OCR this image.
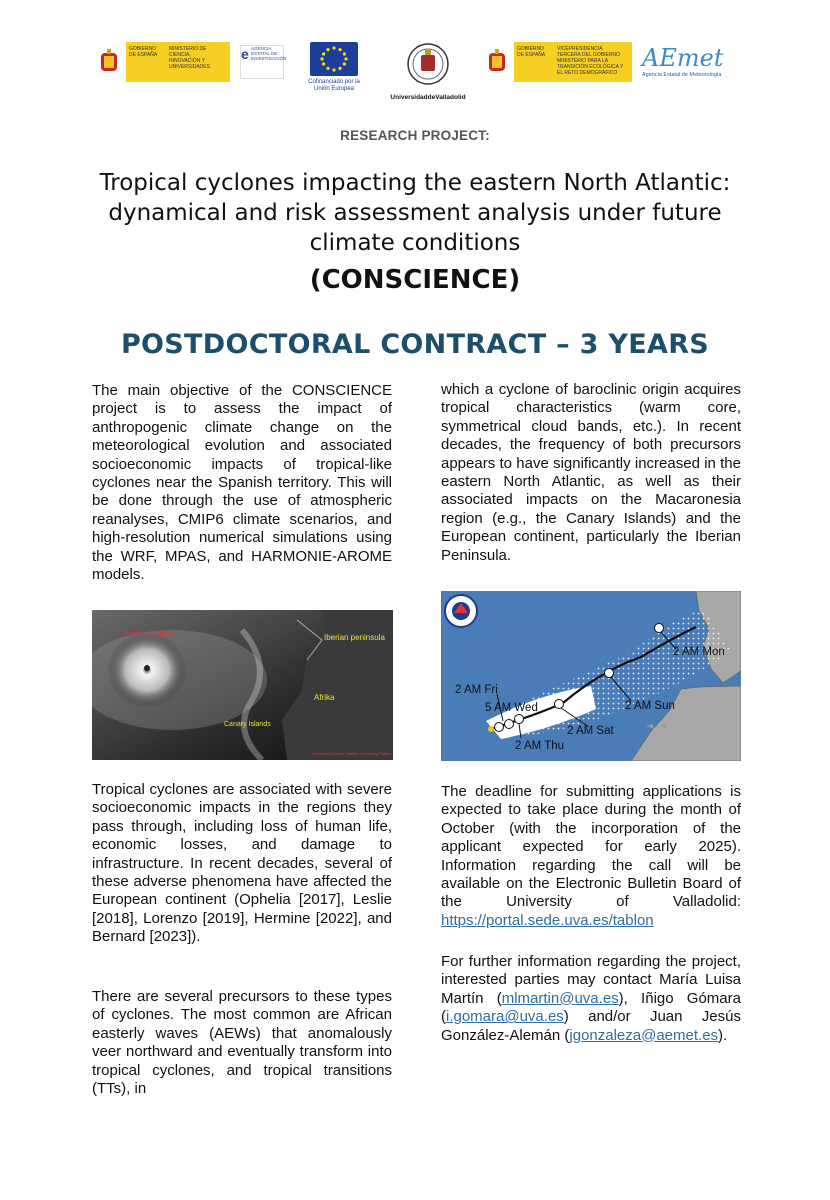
GOBIERNO DE ESPAÑA
MINISTERIO DE CIENCIA, INNOVACIÓN Y UNIVERSIDADES
e AGENCIA ESTATAL DE INVESTIGACIÓN
Cofinanciado por la Unión Europea
UniversidaddeValladolid
GOBIERNO DE ESPAÑA
VICEPRESIDENCIA TERCERA DEL GOBIERNO MINISTERIO PARA LA TRANSICIÓN ECOLÓGICA Y EL RETO DEMOGRÁFICO
AEmet
Agencia Estatal de Meteorología
RESEARCH PROJECT:
Tropical cyclones impacting the eastern North Atlantic: dynamical and risk assessment analysis under future climate conditions
(CONSCIENCE)
POSTDOCTORAL CONTRACT – 3 YEARS
The main objective of the CONSCIENCE project is to assess the impact of anthropogenic climate change on the meteorological evolution and associated socioeconomic impacts of tropical-like cyclones near the Spanish territory. This will be done through the use of atmospheric reanalyses, CMIP6 climate scenarios, and high-resolution numerical simulations using the WRF, MPAS, and HARMONIE-AROME models.
Hurricane Ophelia	Iberian peninsula
Afrika
Canary Islands
Eumetsat/Dundee Satellite Receiving Station
Tropical cyclones are associated with severe socioeconomic impacts in the regions they pass through, including loss of human life, economic losses, and damage to infrastructure. In recent decades, several of these adverse phenomena have affected the European continent (Ophelia [2017], Leslie [2018], Lorenzo [2019], Hermine [2022], and Bernard [2023]).
There are several precursors to these types of cyclones. The most common are African easterly waves (AEWs) that anomalously veer northward and eventually transform into tropical cyclones, and tropical transitions (TTs), in
which a cyclone of baroclinic origin acquires tropical characteristics (warm core, symmetrical cloud bands, etc.). In recent decades, the frequency of both precursors appears to have significantly increased in the eastern North Atlantic, as well as their associated impacts on the Macaronesia region (e.g., the Canary Islands) and the European continent, particularly the Iberian Peninsula.
2 AM Fri
5 AM Wed
2 AM Thu
2 AM Sat
2 AM Sun
2 AM Mon
The deadline for submitting applications is expected to take place during the month of October (with the incorporation of the applicant expected for early 2025). Information regarding the call will be available on the Electronic Bulletin Board of the University of Valladolid: https://portal.sede.uva.es/tablon
For further information regarding the project, interested parties may contact María Luisa Martín (mlmartin@uva.es), Iñigo Gómara (i.gomara@uva.es) and/or Juan Jesús González-Alemán (jgonzaleza@aemet.es).
